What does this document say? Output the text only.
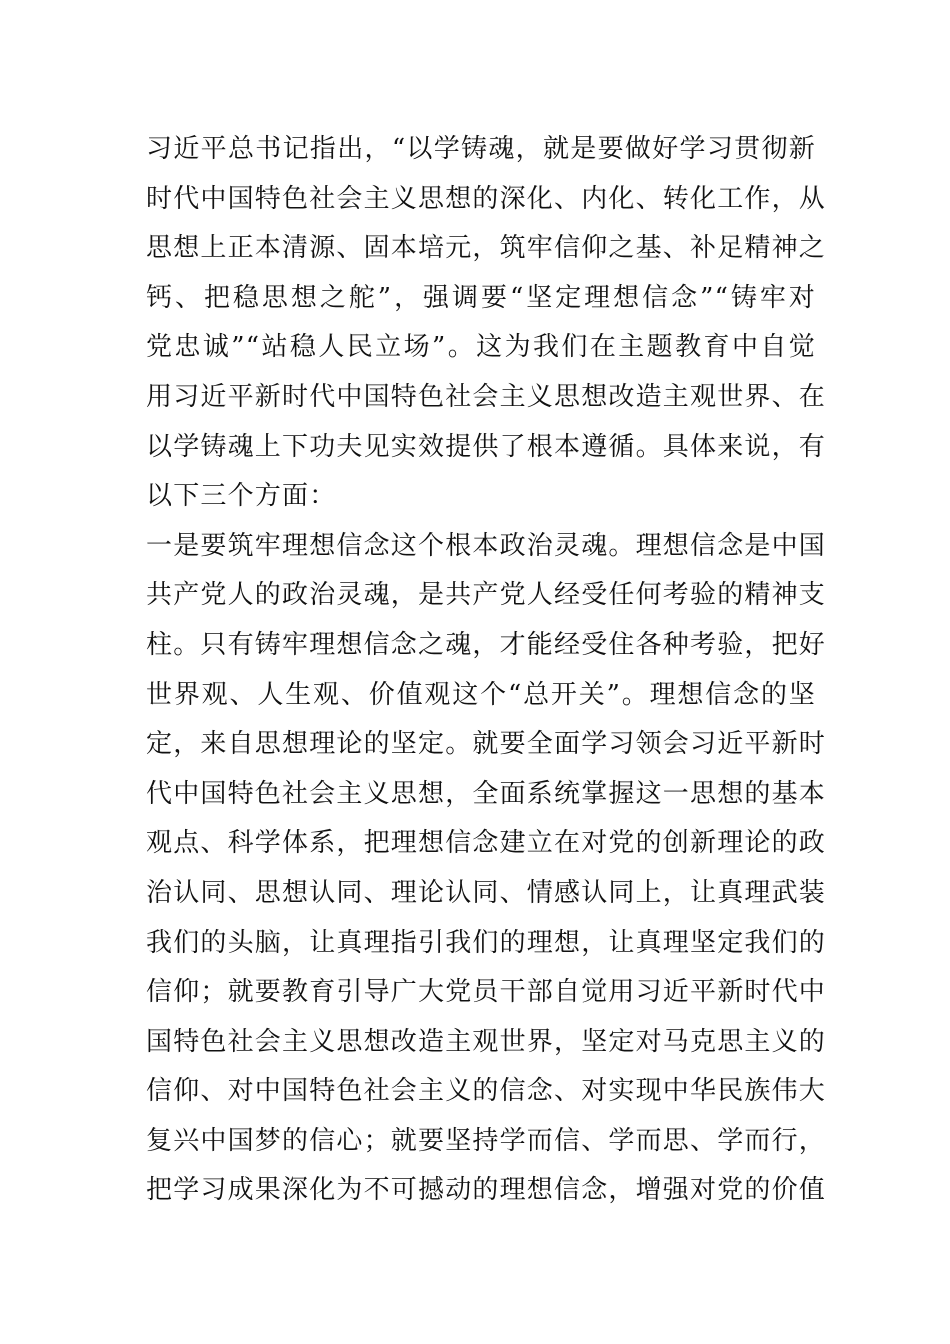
习近平总书记指出，“以学铸魂，就是要做好学习贯彻新
时代中国特色社会主义思想的深化、内化、转化工作，从
思想上正本清源、固本培元，筑牢信仰之基、补足精神之
钙、把稳思想之舵”，强调要“坚定理想信念”“铸牢对
党忠诚”“站稳人民立场”。这为我们在主题教育中自觉
用习近平新时代中国特色社会主义思想改造主观世界、在
以学铸魂上下功夫见实效提供了根本遵循。具体来说，有
以下三个方面：
一是要筑牢理想信念这个根本政治灵魂。理想信念是中国
共产党人的政治灵魂，是共产党人经受任何考验的精神支
柱。只有铸牢理想信念之魂，才能经受住各种考验，把好
世界观、人生观、价值观这个“总开关”。理想信念的坚
定，来自思想理论的坚定。就要全面学习领会习近平新时
代中国特色社会主义思想，全面系统掌握这一思想的基本
观点、科学体系，把理想信念建立在对党的创新理论的政
治认同、思想认同、理论认同、情感认同上，让真理武装
我们的头脑，让真理指引我们的理想，让真理坚定我们的
信仰；就要教育引导广大党员干部自觉用习近平新时代中
国特色社会主义思想改造主观世界，坚定对马克思主义的
信仰、对中国特色社会主义的信念、对实现中华民族伟大
复兴中国梦的信心；就要坚持学而信、学而思、学而行，
把学习成果深化为不可撼动的理想信念，增强对党的价值
